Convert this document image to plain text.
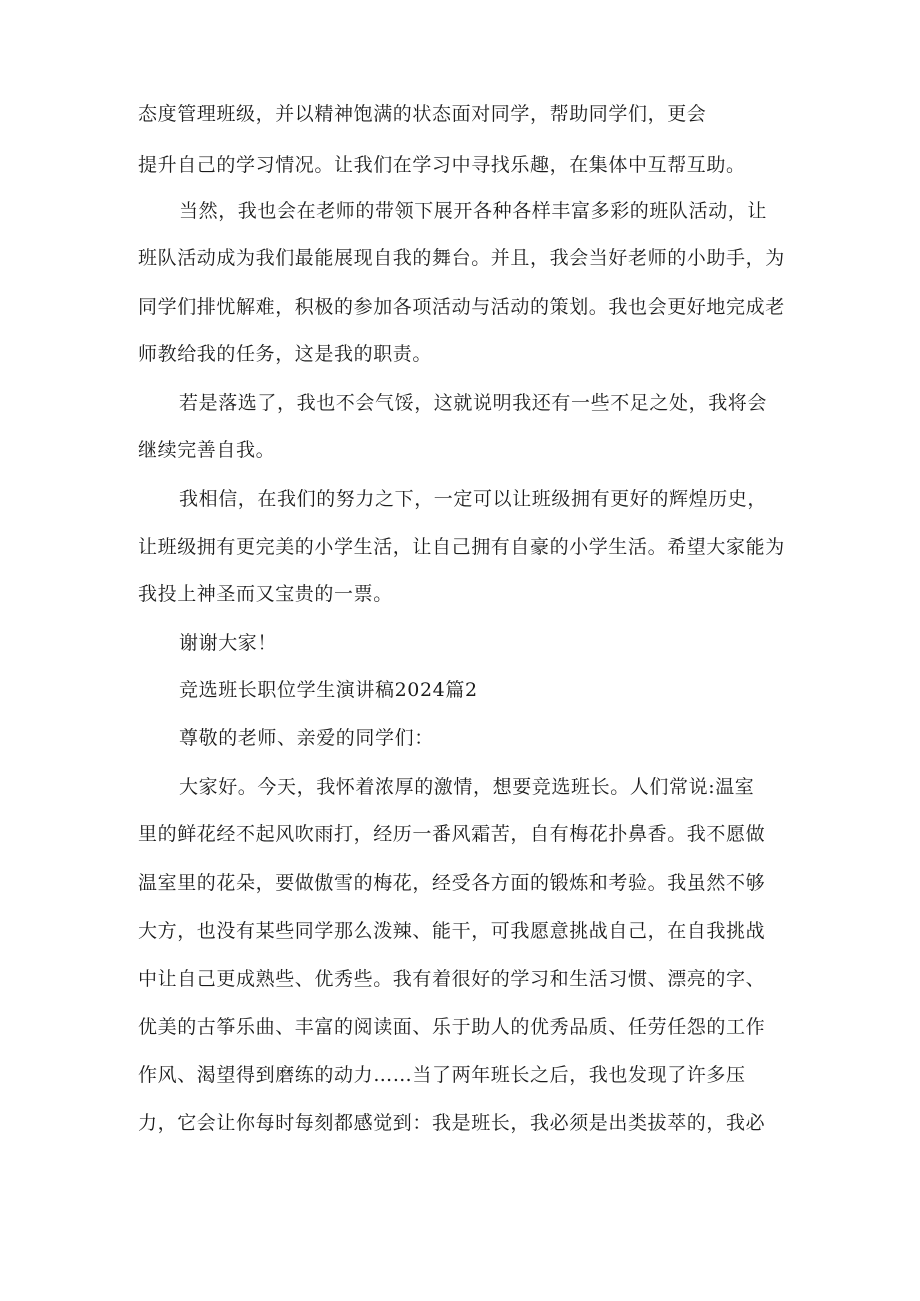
态度管理班级，并以精神饱满的状态面对同学，帮助同学们，更会
提升自己的学习情况。让我们在学习中寻找乐趣，在集体中互帮互助。
当然，我也会在老师的带领下展开各种各样丰富多彩的班队活动，让
班队活动成为我们最能展现自我的舞台。并且，我会当好老师的小助手，为
同学们排忧解难，积极的参加各项活动与活动的策划。我也会更好地完成老
师教给我的任务，这是我的职责。
若是落选了，我也不会气馁，这就说明我还有一些不足之处，我将会
继续完善自我。
我相信，在我们的努力之下，一定可以让班级拥有更好的辉煌历史，
让班级拥有更完美的小学生活，让自己拥有自豪的小学生活。希望大家能为
我投上神圣而又宝贵的一票。
谢谢大家！
竞选班长职位学生演讲稿2024篇2
尊敬的老师、亲爱的同学们：
大家好。今天，我怀着浓厚的激情，想要竞选班长。人们常说:温室
里的鲜花经不起风吹雨打，经历一番风霜苦，自有梅花扑鼻香。我不愿做
温室里的花朵，要做傲雪的梅花，经受各方面的锻炼和考验。我虽然不够
大方，也没有某些同学那么泼辣、能干，可我愿意挑战自己，在自我挑战
中让自己更成熟些、优秀些。我有着很好的学习和生活习惯、漂亮的字、
优美的古筝乐曲、丰富的阅读面、乐于助人的优秀品质、任劳任怨的工作
作风、渴望得到磨练的动力……当了两年班长之后，我也发现了许多压
力，它会让你每时每刻都感觉到：我是班长，我必须是出类拔萃的，我必
